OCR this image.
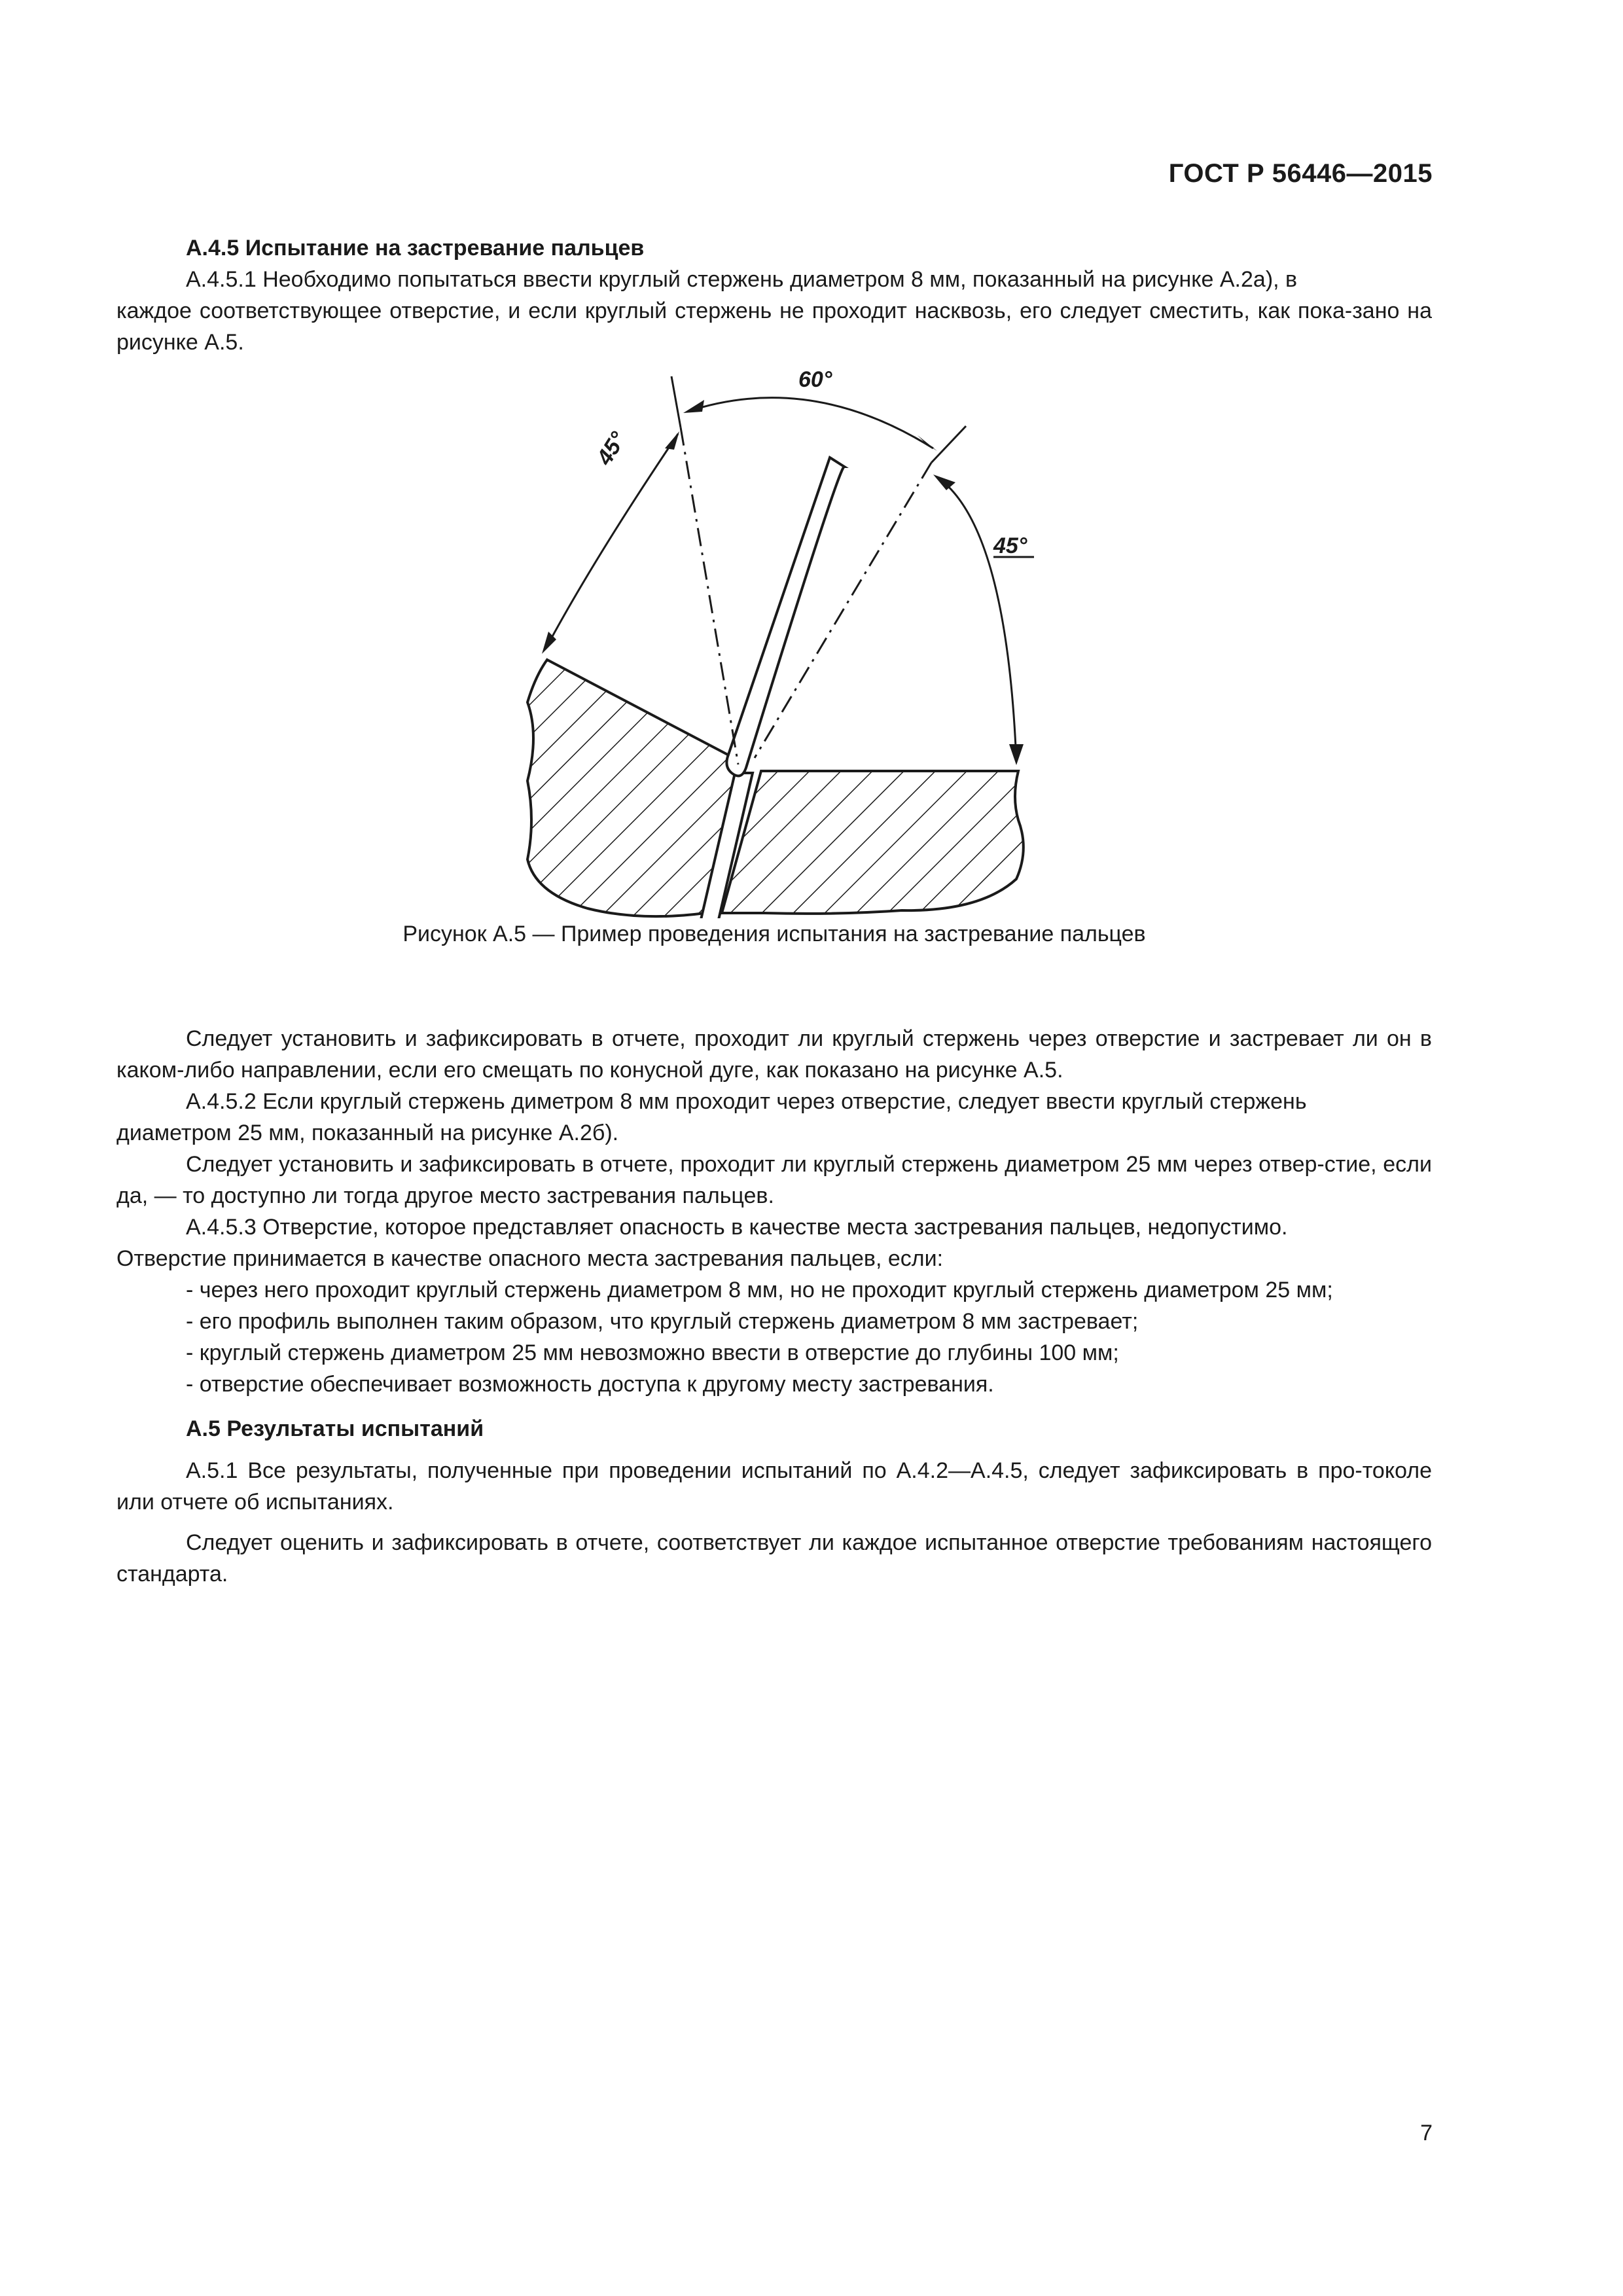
ГОСТ Р 56446—2015

А.4.5 Испытание на застревание пальцев

А.4.5.1 Необходимо попытаться ввести круглый стержень диаметром 8 мм, показанный на рисунке А.2а), в

каждое соответствующее отверстие, и если круглый стержень не проходит насквозь, его следует сместить, как пока-зано на рисунке А.5.

60°
45°
45°

Рисунок А.5 — Пример проведения испытания на застревание пальцев

Следует установить и зафиксировать в отчете, проходит ли круглый стержень через отверстие и застревает ли он в каком-либо направлении, если его смещать по конусной дуге, как показано на рисунке А.5.

А.4.5.2 Если круглый стержень диметром 8 мм проходит через отверстие, следует ввести круглый стержень

диаметром 25 мм, показанный на рисунке А.2б).

Следует установить и зафиксировать в отчете, проходит ли круглый стержень диаметром 25 мм через отвер-стие, если да, — то доступно ли тогда другое место застревания пальцев.

А.4.5.3 Отверстие, которое представляет опасность в качестве места застревания пальцев, недопустимо.

Отверстие принимается в качестве опасного места застревания пальцев, если:

- через него проходит круглый стержень диаметром 8 мм, но не проходит круглый стержень диаметром 25 мм;

- его профиль выполнен таким образом, что круглый стержень диаметром 8 мм застревает;

- круглый стержень диаметром 25 мм невозможно ввести в отверстие до глубины 100 мм;

- отверстие обеспечивает возможность доступа к другому месту застревания.

А.5 Результаты испытаний

А.5.1 Все результаты, полученные при проведении испытаний по А.4.2—А.4.5, следует зафиксировать в про-токоле или отчете об испытаниях.

Следует оценить и зафиксировать в отчете, соответствует ли каждое испытанное отверстие требованиям настоящего стандарта.

7
